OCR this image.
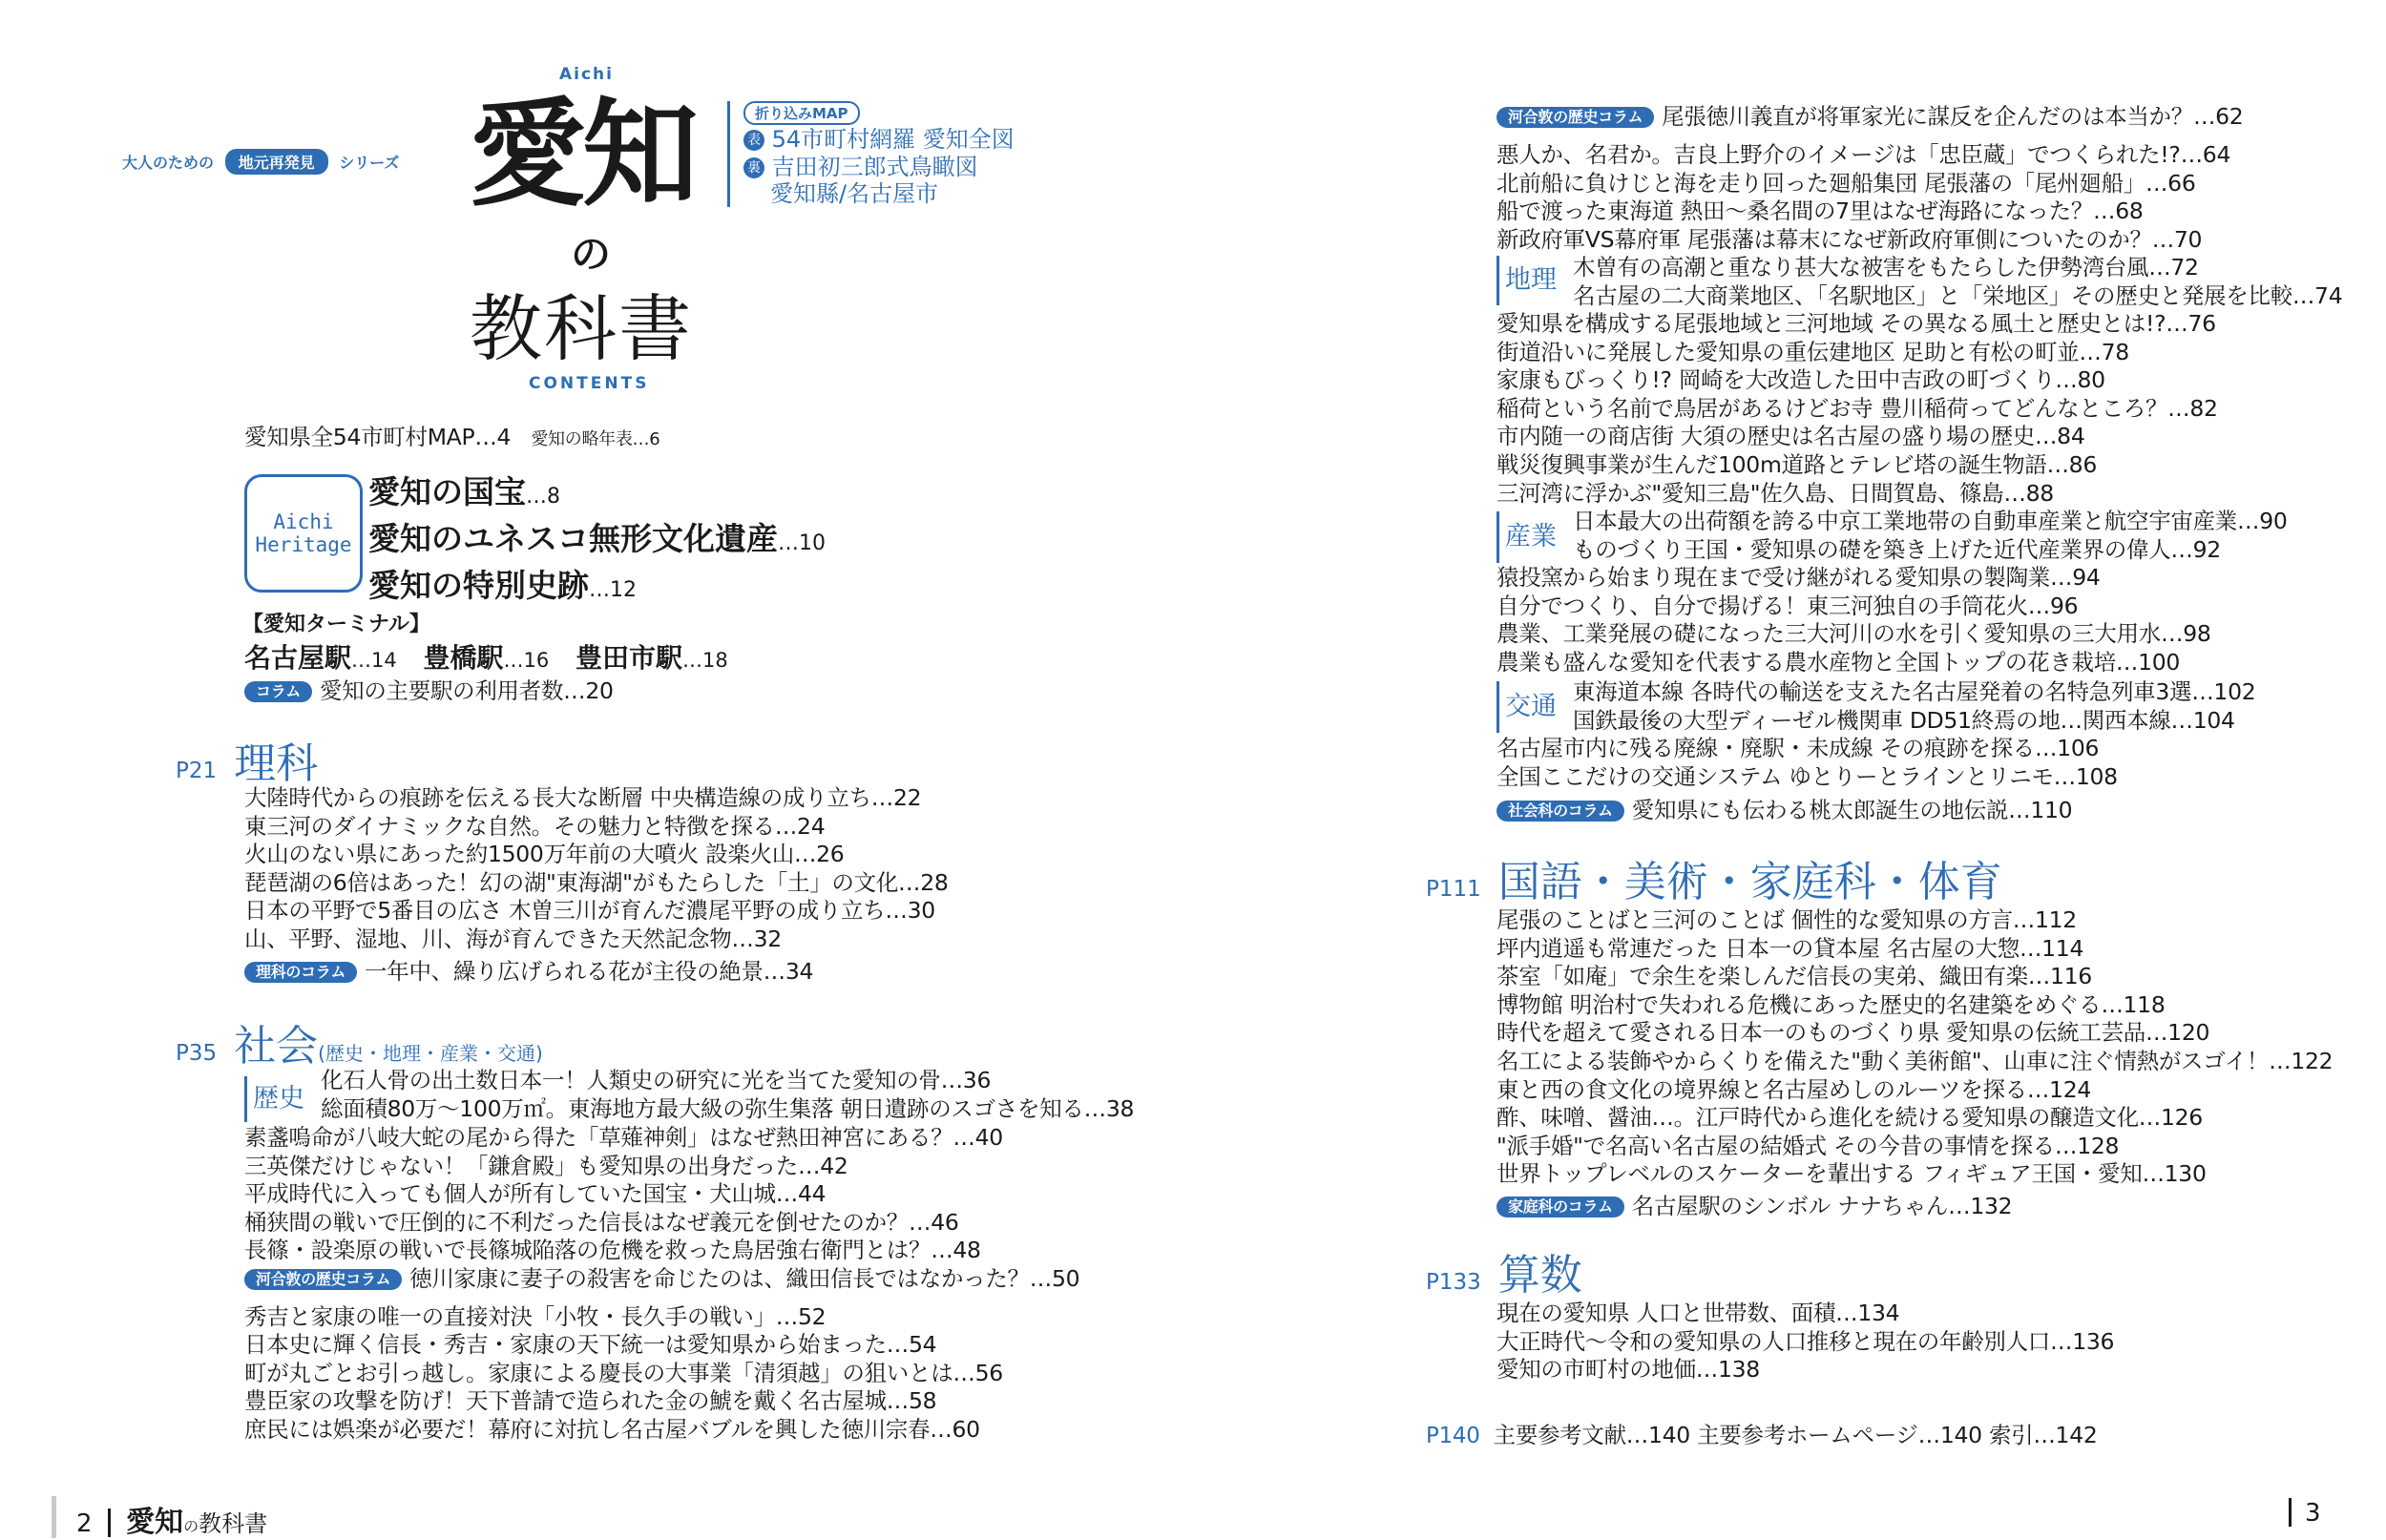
大人のための 地元再発見 シリーズ
Aichi
愛知
の
教科書
CONTENTS
折り込みMAP
表 54市町村網羅 愛知全図
裏 吉田初三郎式鳥瞰図
愛知縣/名古屋市
愛知県全54市町村MAP…4 愛知の略年表…6
Aichi
Heritage
愛知の国宝…8
愛知のユネスコ無形文化遺産…10
愛知の特別史跡…12
【愛知ターミナル】
名古屋駅…14 豊橋駅…16 豊田市駅…18
コラム 愛知の主要駅の利用者数…20
P21 理科
大陸時代からの痕跡を伝える長大な断層 中央構造線の成り立ち…22
東三河のダイナミックな自然。その魅力と特徴を探る…24
火山のない県にあった約1500万年前の大噴火 設楽火山…26
琵琶湖の6倍はあった！幻の湖"東海湖"がもたらした「土」の文化…28
日本の平野で5番目の広さ 木曽三川が育んだ濃尾平野の成り立ち…30
山、平野、湿地、川、海が育んできた天然記念物…32
理科のコラム 一年中、繰り広げられる花が主役の絶景…34
P35 社会(歴史・地理・産業・交通)
歴史
化石人骨の出土数日本一！人類史の研究に光を当てた愛知の骨…36
総面積80万～100万㎡。東海地方最大級の弥生集落 朝日遺跡のスゴさを知る…38
素盞嗚命が八岐大蛇の尾から得た「草薙神剣」はなぜ熱田神宮にある？…40
三英傑だけじゃない！「鎌倉殿」も愛知県の出身だった…42
平成時代に入っても個人が所有していた国宝・犬山城…44
桶狭間の戦いで圧倒的に不利だった信長はなぜ義元を倒せたのか？…46
長篠・設楽原の戦いで長篠城陥落の危機を救った鳥居強右衛門とは？…48
河合敦の歴史コラム 徳川家康に妻子の殺害を命じたのは、織田信長ではなかった？…50
秀吉と家康の唯一の直接対決「小牧・長久手の戦い」…52
日本史に輝く信長・秀吉・家康の天下統一は愛知県から始まった…54
町が丸ごとお引っ越し。家康による慶長の大事業「清須越」の狙いとは…56
豊臣家の攻撃を防げ！天下普請で造られた金の鯱を戴く名古屋城…58
庶民には娯楽が必要だ！幕府に対抗し名古屋バブルを興した徳川宗春…60
河合敦の歴史コラム 尾張徳川義直が将軍家光に謀反を企んだのは本当か？…62
悪人か、名君か。吉良上野介のイメージは「忠臣蔵」でつくられた!?…64
北前船に負けじと海を走り回った廻船集団 尾張藩の「尾州廻船」…66
船で渡った東海道 熱田～桑名間の7里はなぜ海路になった？…68
新政府軍VS幕府軍 尾張藩は幕末になぜ新政府軍側についたのか？…70
地理 木曽有の高潮と重なり甚大な被害をもたらした伊勢湾台風…72
名古屋の二大商業地区、「名駅地区」と「栄地区」その歴史と発展を比較…74
愛知県を構成する尾張地域と三河地域 その異なる風土と歴史とは!?…76
街道沿いに発展した愛知県の重伝建地区 足助と有松の町並…78
家康もびっくり!? 岡崎を大改造した田中吉政の町づくり…80
稲荷という名前で鳥居があるけどお寺 豊川稲荷ってどんなところ？…82
市内随一の商店街 大須の歴史は名古屋の盛り場の歴史…84
戦災復興事業が生んだ100m道路とテレビ塔の誕生物語…86
三河湾に浮かぶ"愛知三島"佐久島、日間賀島、篠島…88
産業
日本最大の出荷額を誇る中京工業地帯の自動車産業と航空宇宙産業…90
ものづくり王国・愛知県の礎を築き上げた近代産業界の偉人…92
猿投窯から始まり現在まで受け継がれる愛知県の製陶業…94
自分でつくり、自分で揚げる！東三河独自の手筒花火…96
農業、工業発展の礎になった三大河川の水を引く愛知県の三大用水…98
農業も盛んな愛知を代表する農水産物と全国トップの花き栽培…100
交通 東海道本線 各時代の輸送を支えた名古屋発着の名特急列車3選…102
国鉄最後の大型ディーゼル機関車 DD51終焉の地…関西本線…104
名古屋市内に残る廃線・廃駅・未成線 その痕跡を探る…106
全国ここだけの交通システム ゆとりーとラインとリニモ…108
社会科のコラム 愛知県にも伝わる桃太郎誕生の地伝説…110
P111 国語・美術・家庭科・体育
尾張のことばと三河のことば 個性的な愛知県の方言…112
坪内逍遥も常連だった 日本一の貸本屋 名古屋の大惣…114
茶室「如庵」で余生を楽しんだ信長の実弟、織田有楽…116
博物館 明治村で失われる危機にあった歴史的名建築をめぐる…118
時代を超えて愛される日本一のものづくり県 愛知県の伝統工芸品…120
名工による装飾やからくりを備えた"動く美術館"、山車に注ぐ情熱がスゴイ！…122
東と西の食文化の境界線と名古屋めしのルーツを探る…124
酢、味噌、醤油…。江戸時代から進化を続ける愛知県の醸造文化…126
"派手婚"で名高い名古屋の結婚式 その今昔の事情を探る…128
世界トップレベルのスケーターを輩出する フィギュア王国・愛知…130
家庭科のコラム 名古屋駅のシンボル ナナちゃん…132
P133 算数
現在の愛知県 人口と世帯数、面積…134
大正時代～令和の愛知県の人口推移と現在の年齢別人口…136
愛知の市町村の地価…138
P140 主要参考文献…140 主要参考ホームページ…140 索引…142
2 愛知の教科書	3
